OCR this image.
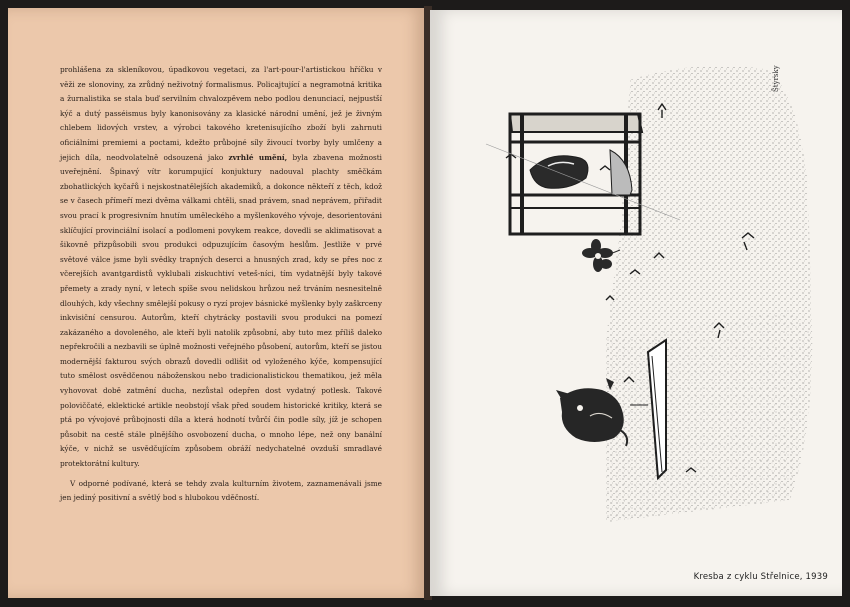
prohlášena za skleníkovou, úpadkovou vegetaci, za l'art-pour-l'artistickou hříčku v věži ze slonoviny, za zrůdný neživotný formalismus. Policajtující a negramotná kritika a žurnalistika se stala buď servilním chvalozpěvem nebo podlou denunciací, nejpustší kýč a dutý passéismus byly kanonisovány za klasické národní umění, jež je živným chlebem lidových vrstev, a výrobci takového kretenisujícího zboží byli zahrnuti oficiálními premiemi a poctami, kdežto průbojné síly živoucí tvorby byly umlčeny a jejich díla, neodvolatelně odsouzená jako zvrhlé umění, byla zbavena možnosti uveřejnění. Špinavý vítr korumpující konjuktury nadouval plachty směčkám zbohatlických kyčařů i nejskostnatělejších akademiků, a dokonce někteří z těch, kdož se v časech přímeří mezi dvěma válkami chtěli, snad právem, snad neprávem, přiřadit svou prací k progresivním hnutím uměleckého a myšlenkového vývoje, desorientováni sklíčující provinciální isolací a podlomeni povykem reakce, dovedli se aklimatisovat a šikovně přizpůsobili svou produkci odpuzujícím časovým heslům. Jestliže v prvé světové válce jsme byli svědky trapných deserci a hnusných zrad, kdy se přes noc z včerejších avantgardistů vyklubali ziskuchtiví veteš-níci, tím vydatnější byly takové přemety a zrady nyní, v letech spíše svou nelidskou hrůzou než trváním nesnesitelně dlouhých, kdy všechny smělejší pokusy o ryzí projev básnické myšlenky byly zaškrceny inkvisiční censurou. Autorům, kteří chytrácky postavili svou produkci na pomezí zakázaného a dovoleného, ale kteří byli natolik způsobní, aby tuto mez příliš daleko nepřekročili a nezbavili se úplně možnosti veřejného působení, autorům, kteří se jistou modernější fakturou svých obrazů dovedli odlišit od vyloženého kýče, kompensující tuto smělost osvědčenou náboženskou nebo tradicionalistickou thematikou, jež měla vyhovovat době zatmění ducha, nezůstal odepřen dost vydatný potlesk. Takové poloviččaté, eklektické artikle neobstojí však před soudem historické kritiky, která se ptá po vývojové průbojnosti díla a která hodnotí tvůrčí čin podle síly, jíž je schopen působit na cestě stále plnějšího osvobození ducha, o mnoho lépe, než ony banální kýče, v nichž se usvědčujícím způsobem obráží nedychatelné ovzduší smradlavé protektorátní kultury.

V odporné podívané, která se tehdy zvala kulturním životem, zaznamenávali jsme jen jediný positivní a světlý bod s hlubokou vděčností.

Štyrsky
Kresba z cyklu Střelnice, 1939
